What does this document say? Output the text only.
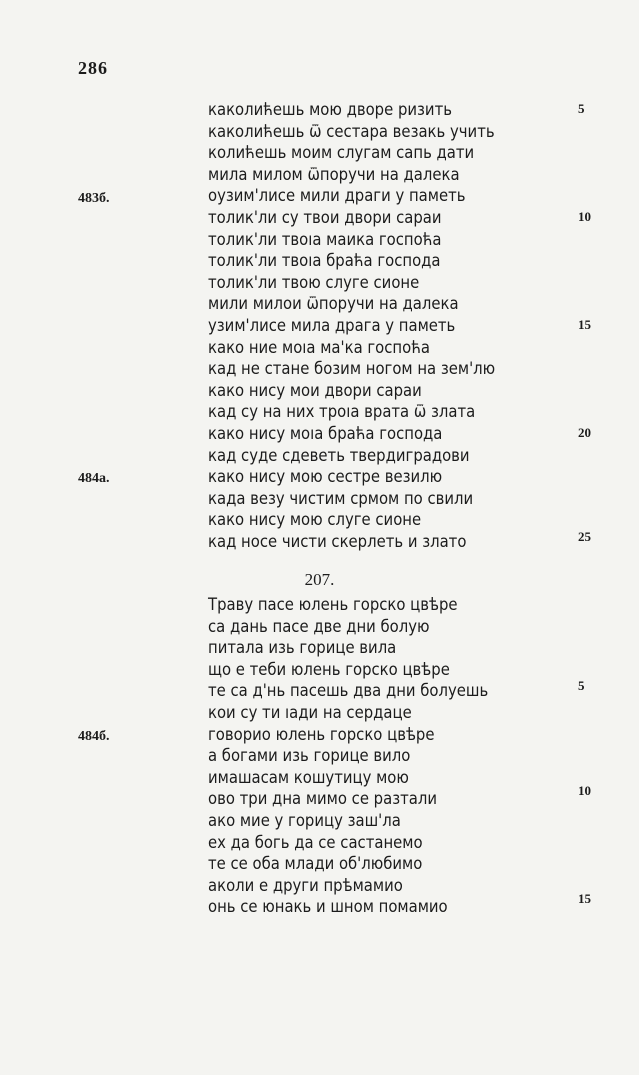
286
каколићешь мою дворе ризить
каколићешь ѿ сестара везакь учить
колићешь моим слугам сапь дати
мила милом ѿпоручи на далека
оузим'лисе мили драги у паметь
толик'ли су твои двори сараи
толик'ли твоıа маика госпоћа
толик'ли твоıа браћа господа
толик'ли твою слуге сионе
мили милои ѿпоручи на далека
узим'лисе мила драга у паметь
како ние моıа ма'ка госпоћа
кад не стане бозим ногом на зем'лю
како нису мои двори сараи
кад су на них троıа врата ѿ злата
како нису моıа браћа господа
кад суде сдеветь твердиградови
како нису мою сестре везилю
када везу чистим срмом по свили
како нису мою слуге сионе
кад носе чисти скерлеть и злато
207.
Траву пасе юлень горско цвѣре
са дань пасе две дни болую
питала изь горице вила
що е теби юлень горско цвѣре
те са д'нь пасешь два дни болуешь
кои су ти ıади на сердаце
говорио юлень горско цвѣре
а богами изь горице вило
имашасам кошутицу мою
ово три дна мимо се разтали
ако мие у горицу заш'ла
ех да богь да се састанемо
те се оба млади об'любимо
аколи е други прѣмамио
онь се юнакь и шном помамио
483б.
484а.
484б.
5
10
15
20
25
5
10
15
